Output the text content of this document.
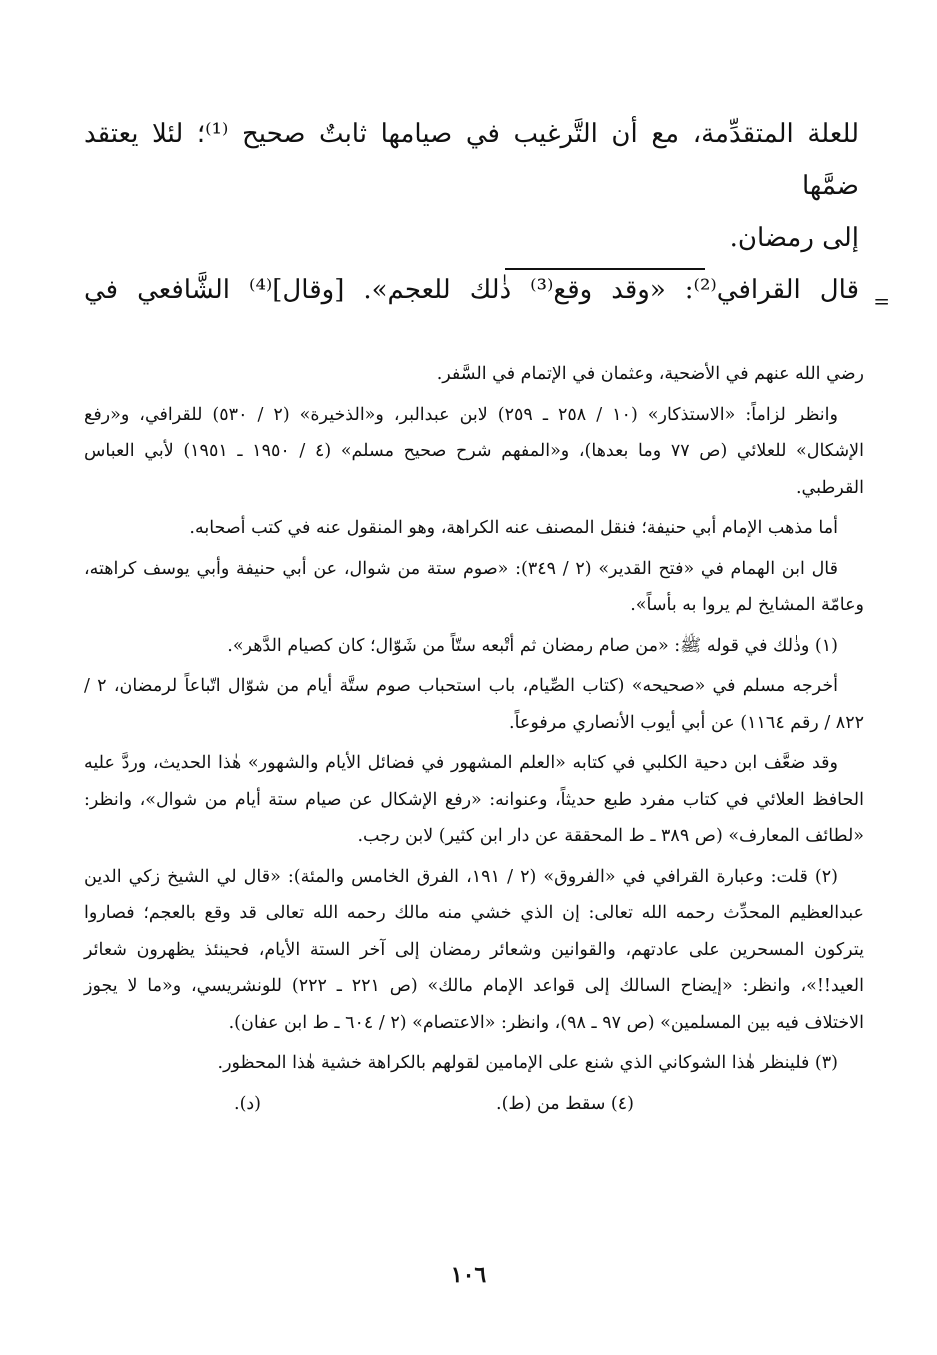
للعلة المتقدِّمة، مع أن التَّرغيب في صيامها ثابتٌ صحيح ⁽¹⁾؛ لئلا يعتقد ضمَّها

إلى رمضان.

قال القرافي⁽²⁾: «وقد وقع⁽³⁾ ذٰلك للعجم». [وقال]⁽⁴⁾ الشَّافعي في =

رضي الله عنهم في الأضحية، وعثمان في الإتمام في السَّفر.

وانظر لزاماً: «الاستذكار» (١٠ / ٢٥٨ ـ ٢٥٩) لابن عبدالبر، و«الذخيرة» (٢ / ٥٣٠) للقرافي، و«رفع الإشكال» للعلائي (ص ٧٧ وما بعدها)، و«المفهم شرح صحيح مسلم» (٤ / ١٩٥٠ ـ ١٩٥١) لأبي العباس القرطبي.

أما مذهب الإمام أبي حنيفة؛ فنقل المصنف عنه الكراهة، وهو المنقول عنه في كتب أصحابه.

قال ابن الهمام في «فتح القدير» (٢ / ٣٤٩): «صوم ستة من شوال، عن أبي حنيفة وأبي يوسف كراهته، وعامّة المشايخ لم يروا به بأساً».

(١) وذٰلك في قوله ﷺ: «من صام رمضان ثم أتْبعه ستّاً من شَوّال؛ كان كصيام الدَّهر».

أخرجه مسلم في «صحيحه» (كتاب الصِّيام، باب استحباب صوم ستَّة أيام من شوّال اتّباعاً لرمضان، ٢ / ٨٢٢ / رقم ١١٦٤) عن أبي أيوب الأنصاري مرفوعاً.

وقد ضعَّف ابن دحية الكلبي في كتابه «العلم المشهور في فضائل الأيام والشهور» هٰذا الحديث، وردَّ عليه الحافظ العلائي في كتاب مفرد طبع حديثاً، وعنوانه: «رفع الإشكال عن صيام ستة أيام من شوال»، وانظر: «لطائف المعارف» (ص ٣٨٩ ـ ط المحققة عن دار ابن كثير) لابن رجب.

(٢) قلت: وعبارة القرافي في «الفروق» (٢ / ١٩١، الفرق الخامس والمئة): «قال لي الشيخ زكي الدين عبدالعظيم المحدِّث رحمه الله تعالى: إن الذي خشي منه مالك رحمه الله تعالى قد وقع بالعجم؛ فصاروا يتركون المسحرين على عادتهم، والقوانين وشعائر رمضان إلى آخر الستة الأيام، فحينئذ يظهرون شعائر العيد!!»، وانظر: «إيضاح السالك إلى قواعد الإمام مالك» (ص ٢٢١ ـ ٢٢٢) للونشريسي، و«ما لا يجوز الاختلاف فيه بين المسلمين» (ص ٩٧ ـ ٩٨)، وانظر: «الاعتصام» (٢ / ٦٠٤ ـ ط ابن عفان).

(٣) فلينظر هٰذا الشوكاني الذي شنع على الإمامين لقولهم بالكراهة خشية هٰذا المحظور.

(٤) سقط من (ط).
(د).
١٠٦
